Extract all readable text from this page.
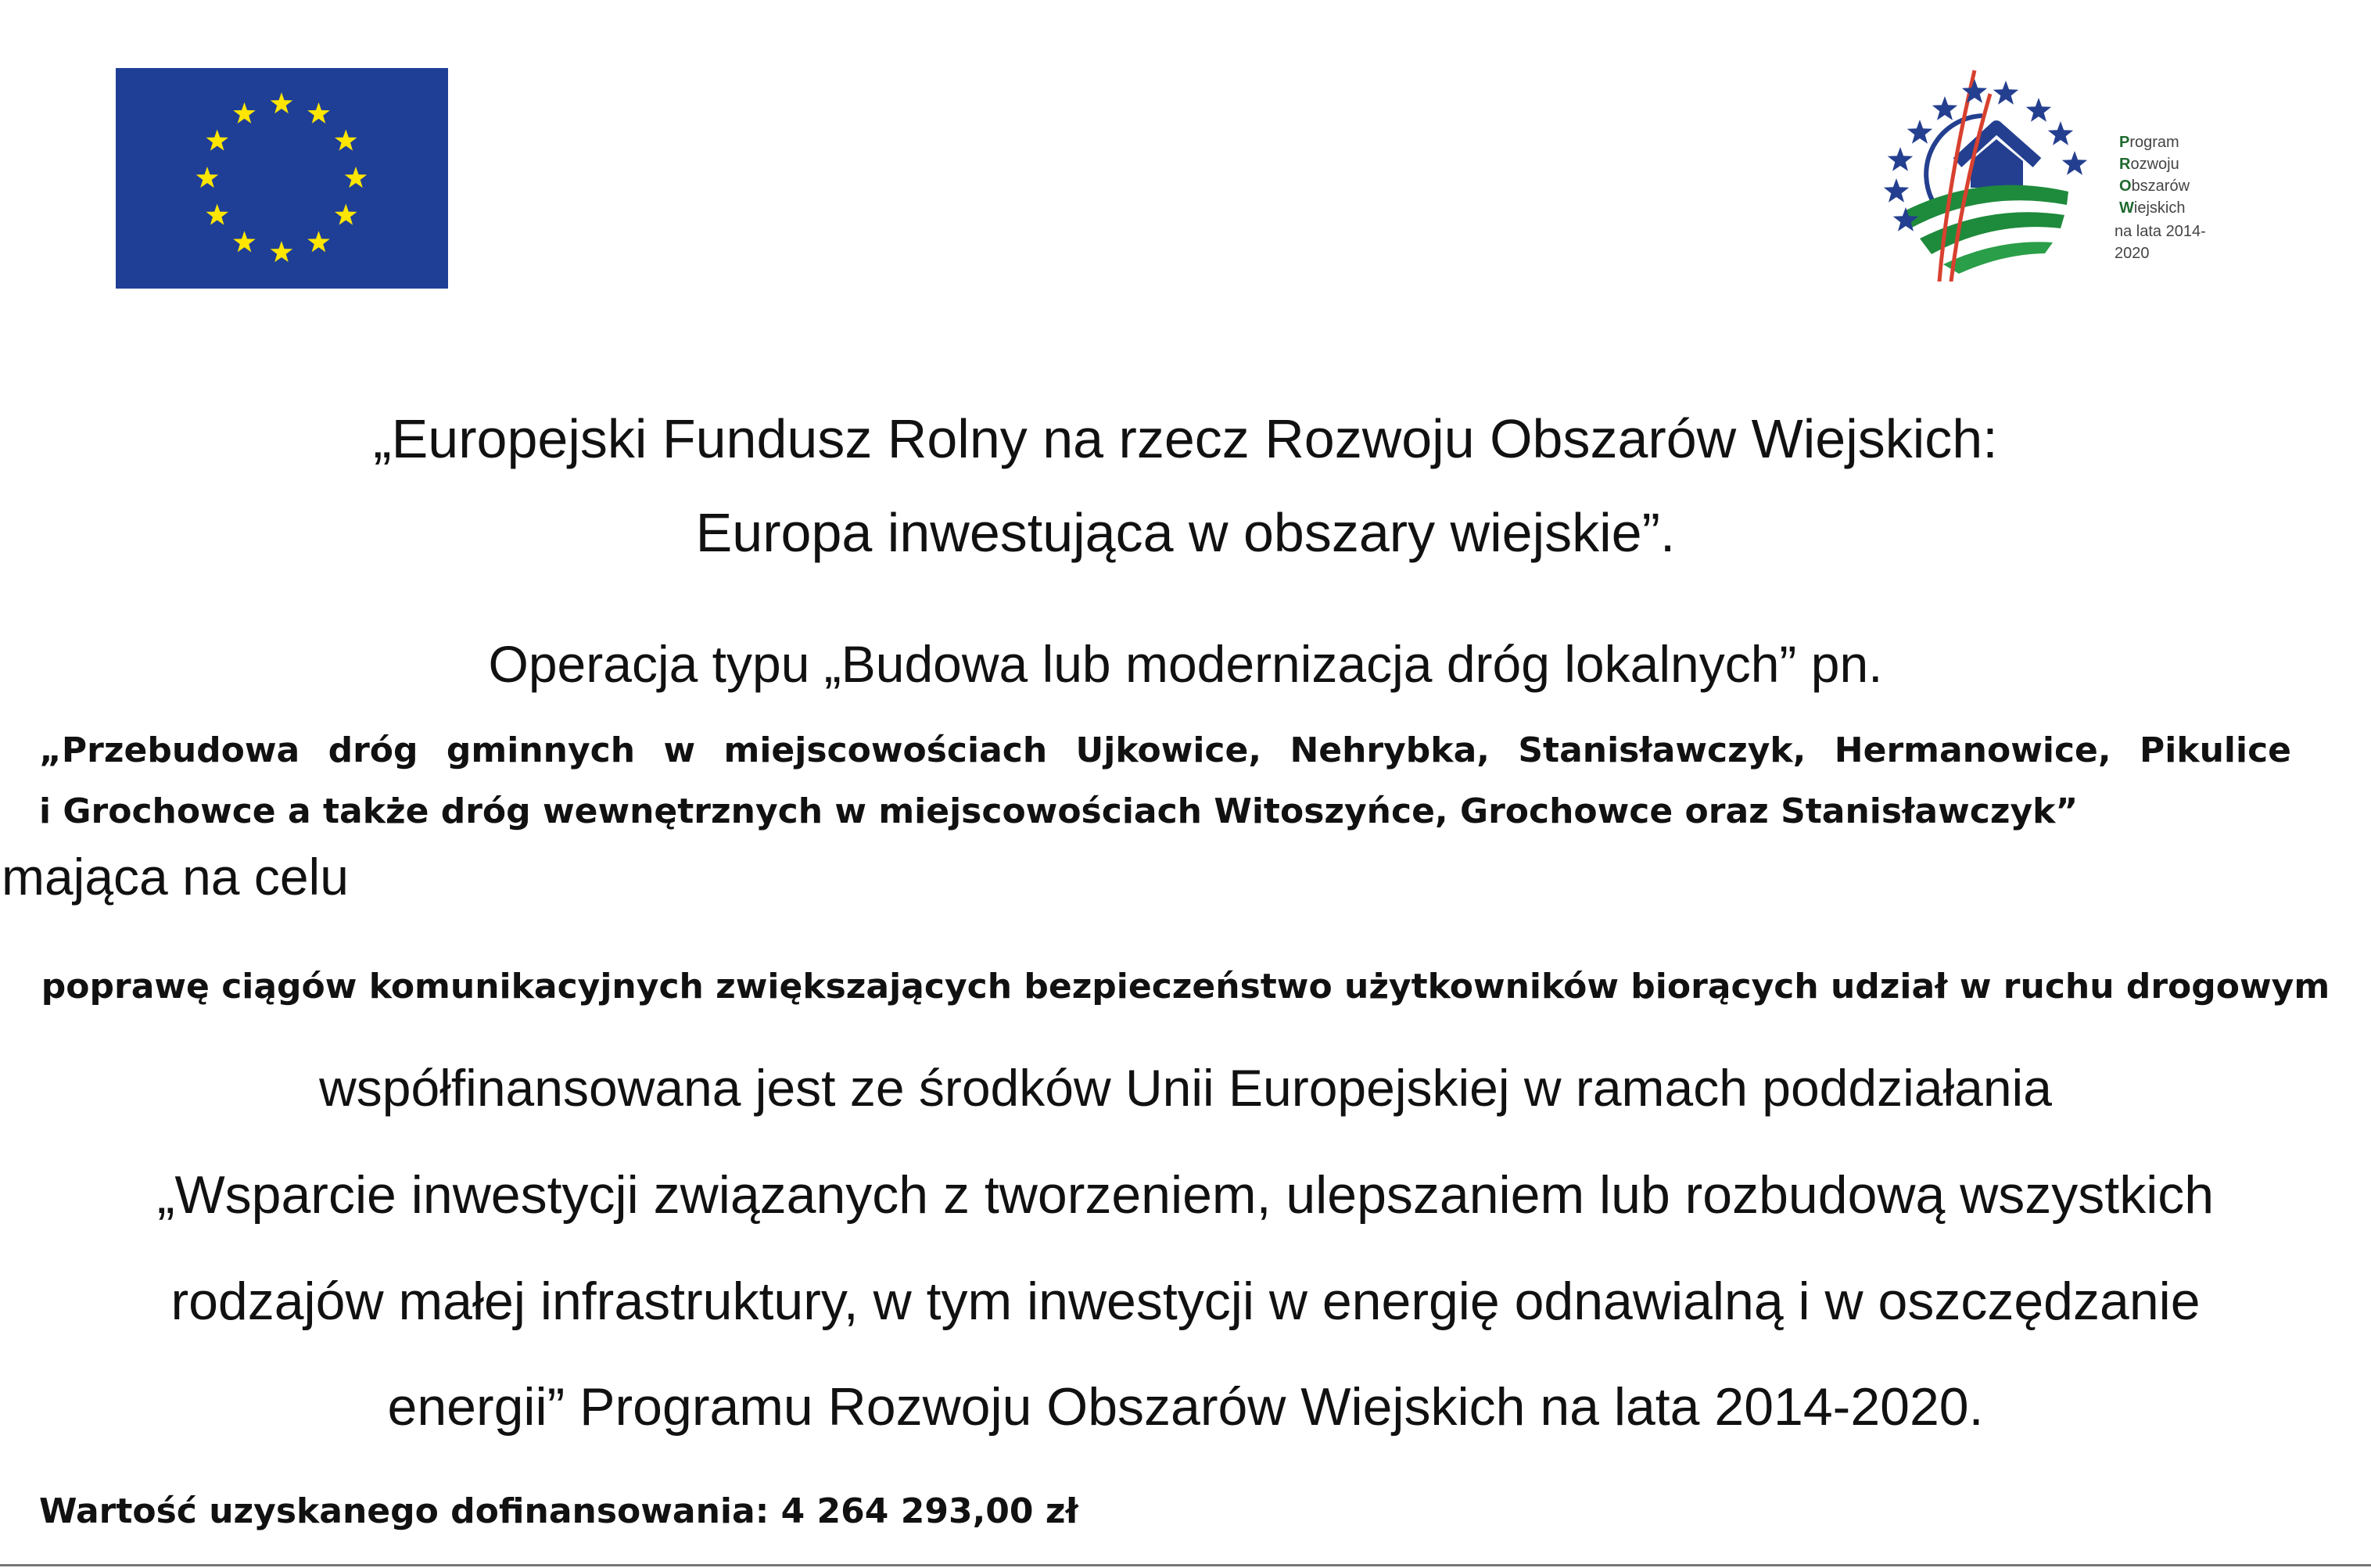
Program
Rozwoju
Obszarów
Wiejskich
na lata 2014-2020
„Europejski Fundusz Rolny na rzecz Rozwoju Obszarów Wiejskich:
Europa inwestująca w obszary wiejskie”.
Operacja typu „Budowa lub modernizacja dróg lokalnych” pn.
„Przebudowa dróg gminnych w miejscowościach Ujkowice, Nehrybka, Stanisławczyk, Hermanowice, Pikulice
i Grochowce a także dróg wewnętrznych w miejscowościach Witoszyńce, Grochowce oraz Stanisławczyk”
mająca na celu
poprawę ciągów komunikacyjnych zwiększających bezpieczeństwo użytkowników biorących udział w ruchu drogowym
współfinansowana jest ze środków Unii Europejskiej w ramach poddziałania
„Wsparcie inwestycji związanych z tworzeniem, ulepszaniem lub rozbudową wszystkich
rodzajów małej infrastruktury, w tym inwestycji w energię odnawialną i w oszczędzanie
energii” Programu Rozwoju Obszarów Wiejskich na lata 2014-2020.
Wartość uzyskanego dofinansowania: 4 264 293,00 zł
